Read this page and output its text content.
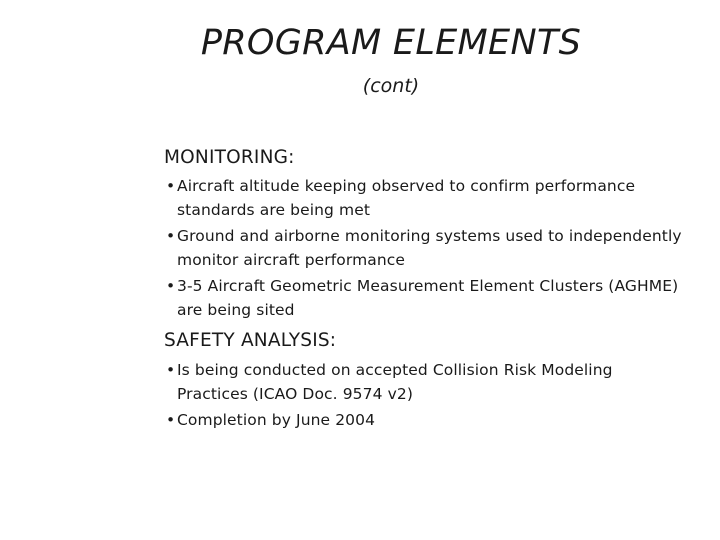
PROGRAM ELEMENTS
(cont)
MONITORING:
• Aircraft altitude keeping observed to confirm performance standards are being met
• Ground and airborne monitoring systems used to independently monitor aircraft performance
• 3-5 Aircraft Geometric Measurement Element Clusters (AGHME) are being sited
SAFETY ANALYSIS:
• Is being conducted on accepted Collision Risk Modeling Practices (ICAO Doc. 9574 v2)
• Completion by June 2004
